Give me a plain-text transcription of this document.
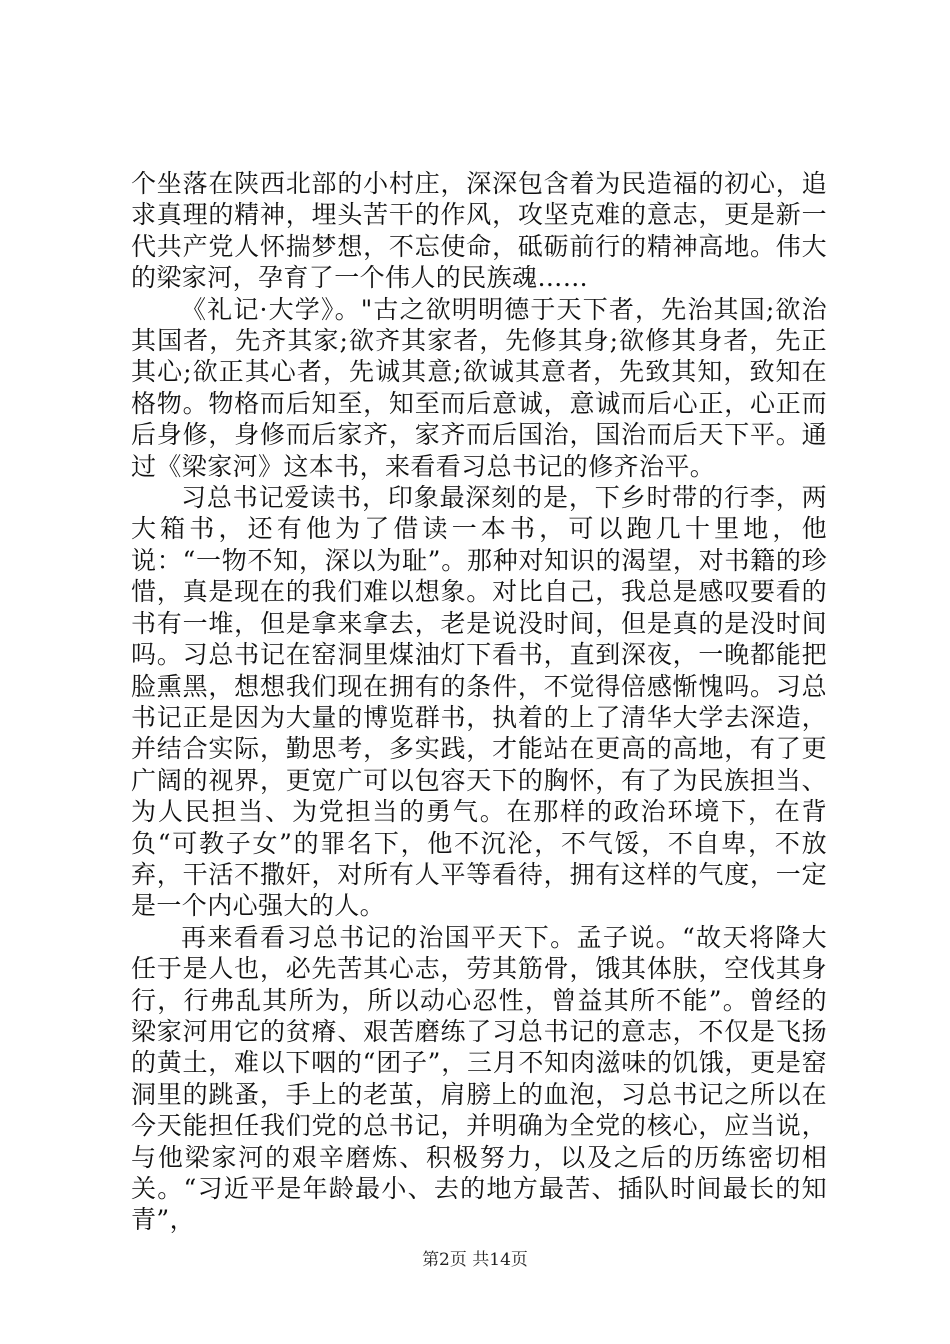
个坐落在陕西北部的小村庄，深深包含着为民造福的初心，追求真理的精神，埋头苦干的作风，攻坚克难的意志，更是新一代共产党人怀揣梦想，不忘使命，砥砺前行的精神高地。伟大的梁家河，孕育了一个伟人的民族魂……

《礼记·大学》。"古之欲明明德于天下者，先治其国;欲治其国者，先齐其家;欲齐其家者，先修其身;欲修其身者，先正其心;欲正其心者，先诚其意;欲诚其意者，先致其知，致知在格物。物格而后知至，知至而后意诚，意诚而后心正，心正而后身修，身修而后家齐，家齐而后国治，国治而后天下平。通过《梁家河》这本书，来看看习总书记的修齐治平。

习总书记爱读书，印象最深刻的是，下乡时带的行李，两大箱书，还有他为了借读一本书，可以跑几十里地，他说：“一物不知，深以为耻”。那种对知识的渴望，对书籍的珍惜，真是现在的我们难以想象。对比自己，我总是感叹要看的书有一堆，但是拿来拿去，老是说没时间，但是真的是没时间吗。习总书记在窑洞里煤油灯下看书，直到深夜，一晚都能把脸熏黑，想想我们现在拥有的条件，不觉得倍感惭愧吗。习总书记正是因为大量的博览群书，执着的上了清华大学去深造，并结合实际，勤思考，多实践，才能站在更高的高地，有了更广阔的视界，更宽广可以包容天下的胸怀，有了为民族担当、为人民担当、为党担当的勇气。在那样的政治环境下，在背负“可教子女”的罪名下，他不沉沦，不气馁，不自卑，不放弃，干活不撒奸，对所有人平等看待，拥有这样的气度，一定是一个内心强大的人。

再来看看习总书记的治国平天下。孟子说。“故天将降大任于是人也，必先苦其心志，劳其筋骨，饿其体肤，空伐其身行，行弗乱其所为，所以动心忍性，曾益其所不能”。曾经的梁家河用它的贫瘠、艰苦磨练了习总书记的意志，不仅是飞扬的黄土，难以下咽的“团子”，三月不知肉滋味的饥饿，更是窑洞里的跳蚤，手上的老茧，肩膀上的血泡，习总书记之所以在今天能担任我们党的总书记，并明确为全党的核心，应当说，与他梁家河的艰辛磨炼、积极努力，以及之后的历练密切相关。“习近平是年龄最小、去的地方最苦、插队时间最长的知青”，

第2页 共14页
